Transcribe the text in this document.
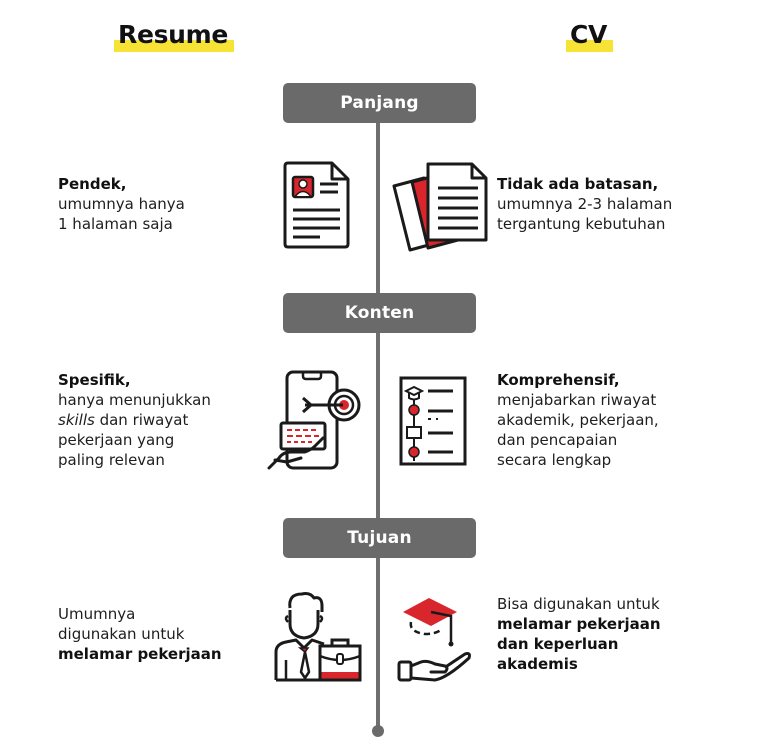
Resume	CV
Panjang
Konten
Tujuan
Pendek,
umumnya hanya
1 halaman saja
Tidak ada batasan,
umumnya 2-3 halaman
tergantung kebutuhan
Spesifik,
hanya menunjukkan
skills dan riwayat
pekerjaan yang
paling relevan
Komprehensif,
menjabarkan riwayat
akademik, pekerjaan,
dan pencapaian
secara lengkap
Umumnya
digunakan untuk
melamar pekerjaan
Bisa digunakan untuk
melamar pekerjaan
dan keperluan
akademis
